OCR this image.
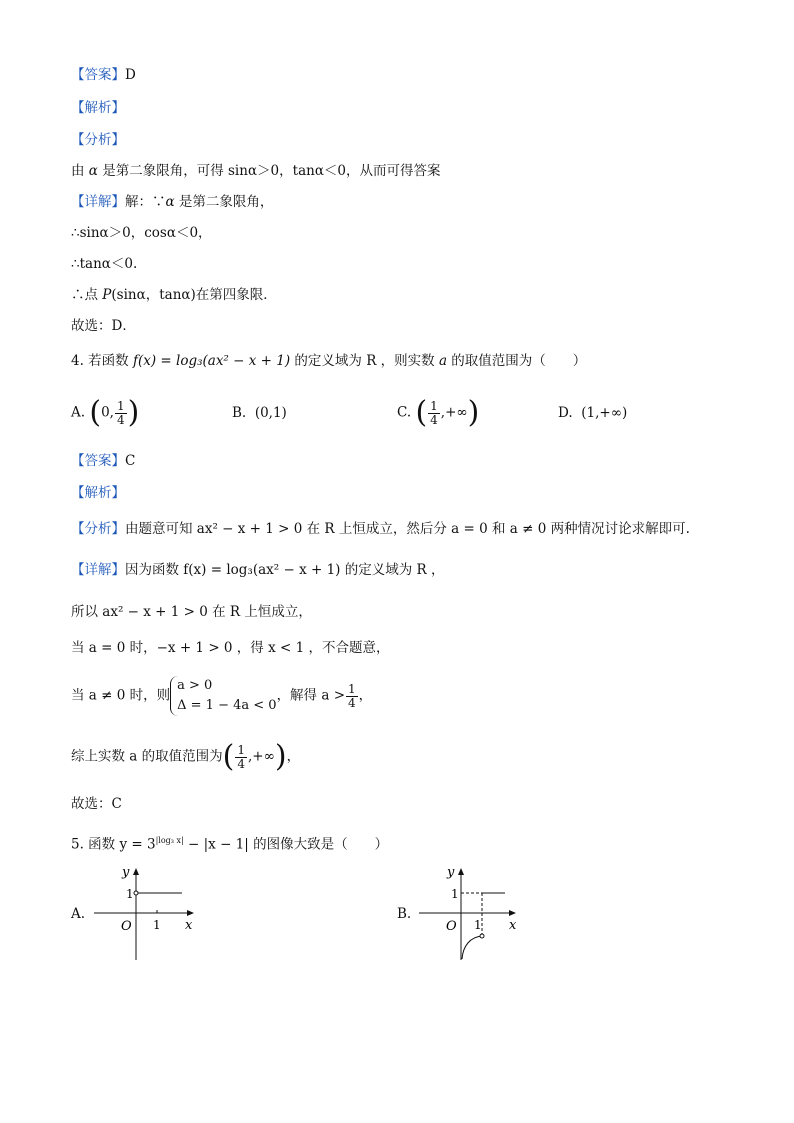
【答案】D
【解析】
【分析】
由 α 是第二象限角，可得 sinα＞0，tanα＜0，从而可得答案
【详解】解：∵α 是第二象限角，
∴sinα＞0，cosα＜0，
∴tanα＜0.
∴点 P(sinα，tanα)在第四象限．
故选：D．
4. 若函数 f(x) = log₃(ax² − x + 1) 的定义域为 R ，则实数 a 的取值范围为（　　）
A. (0, $\frac{1}{4}$ )	B. (0,1)	C. ( $\frac{1}{4}$ ,+∞)	D. (1,+∞)
【答案】C
【解析】
【分析】由题意可知 ax² − x + 1 > 0 在 R 上恒成立，然后分 a = 0 和 a ≠ 0 两种情况讨论求解即可.
【详解】因为函数 f(x) = log₃(ax² − x + 1) 的定义域为 R ，
所以 ax² − x + 1 > 0 在 R 上恒成立，
当 a = 0 时，−x + 1 > 0 ，得 x < 1 ，不合题意，
当 a ≠ 0 时，则
a > 0
Δ = 1 − 4a < 0
，解得 $a > \frac{1}{4}$ ，
综上实数 a 的取值范围为( $\frac{1}{4}$ ,+∞)，
故选：C
5. 函数 $y = 3^{|log_3 x|} - |x - 1|$ 的图像大致是（　　）
A.	B.
y
x
O 1
1
y
x
O 1
1
